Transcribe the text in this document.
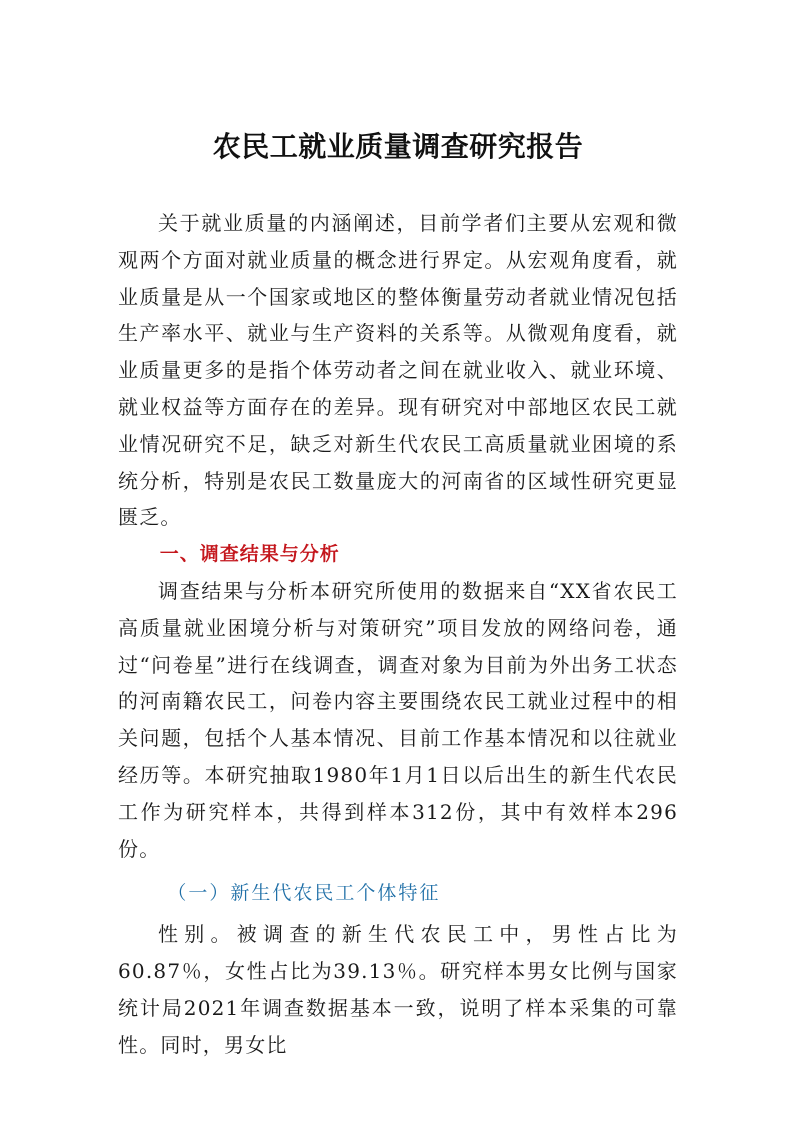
农民工就业质量调查研究报告

关于就业质量的内涵阐述，目前学者们主要从宏观和微观两个方面对就业质量的概念进行界定。从宏观角度看，就业质量是从一个国家或地区的整体衡量劳动者就业情况包括生产率水平、就业与生产资料的关系等。从微观角度看，就业质量更多的是指个体劳动者之间在就业收入、就业环境、就业权益等方面存在的差异。现有研究对中部地区农民工就业情况研究不足，缺乏对新生代农民工高质量就业困境的系统分析，特别是农民工数量庞大的河南省的区域性研究更显匮乏。

一、调查结果与分析

调查结果与分析本研究所使用的数据来自“XX省农民工高质量就业困境分析与对策研究”项目发放的网络问卷，通过“问卷星”进行在线调查，调查对象为目前为外出务工状态的河南籍农民工，问卷内容主要围绕农民工就业过程中的相关问题，包括个人基本情况、目前工作基本情况和以往就业经历等。本研究抽取1980年1月1日以后出生的新生代农民工作为研究样本，共得到样本312份，其中有效样本296份。

（一）新生代农民工个体特征

性别。被调查的新生代农民工中，男性占比为60.87％，女性占比为39.13％。研究样本男女比例与国家统计局2021年调查数据基本一致，说明了样本采集的可靠性。同时，男女比
